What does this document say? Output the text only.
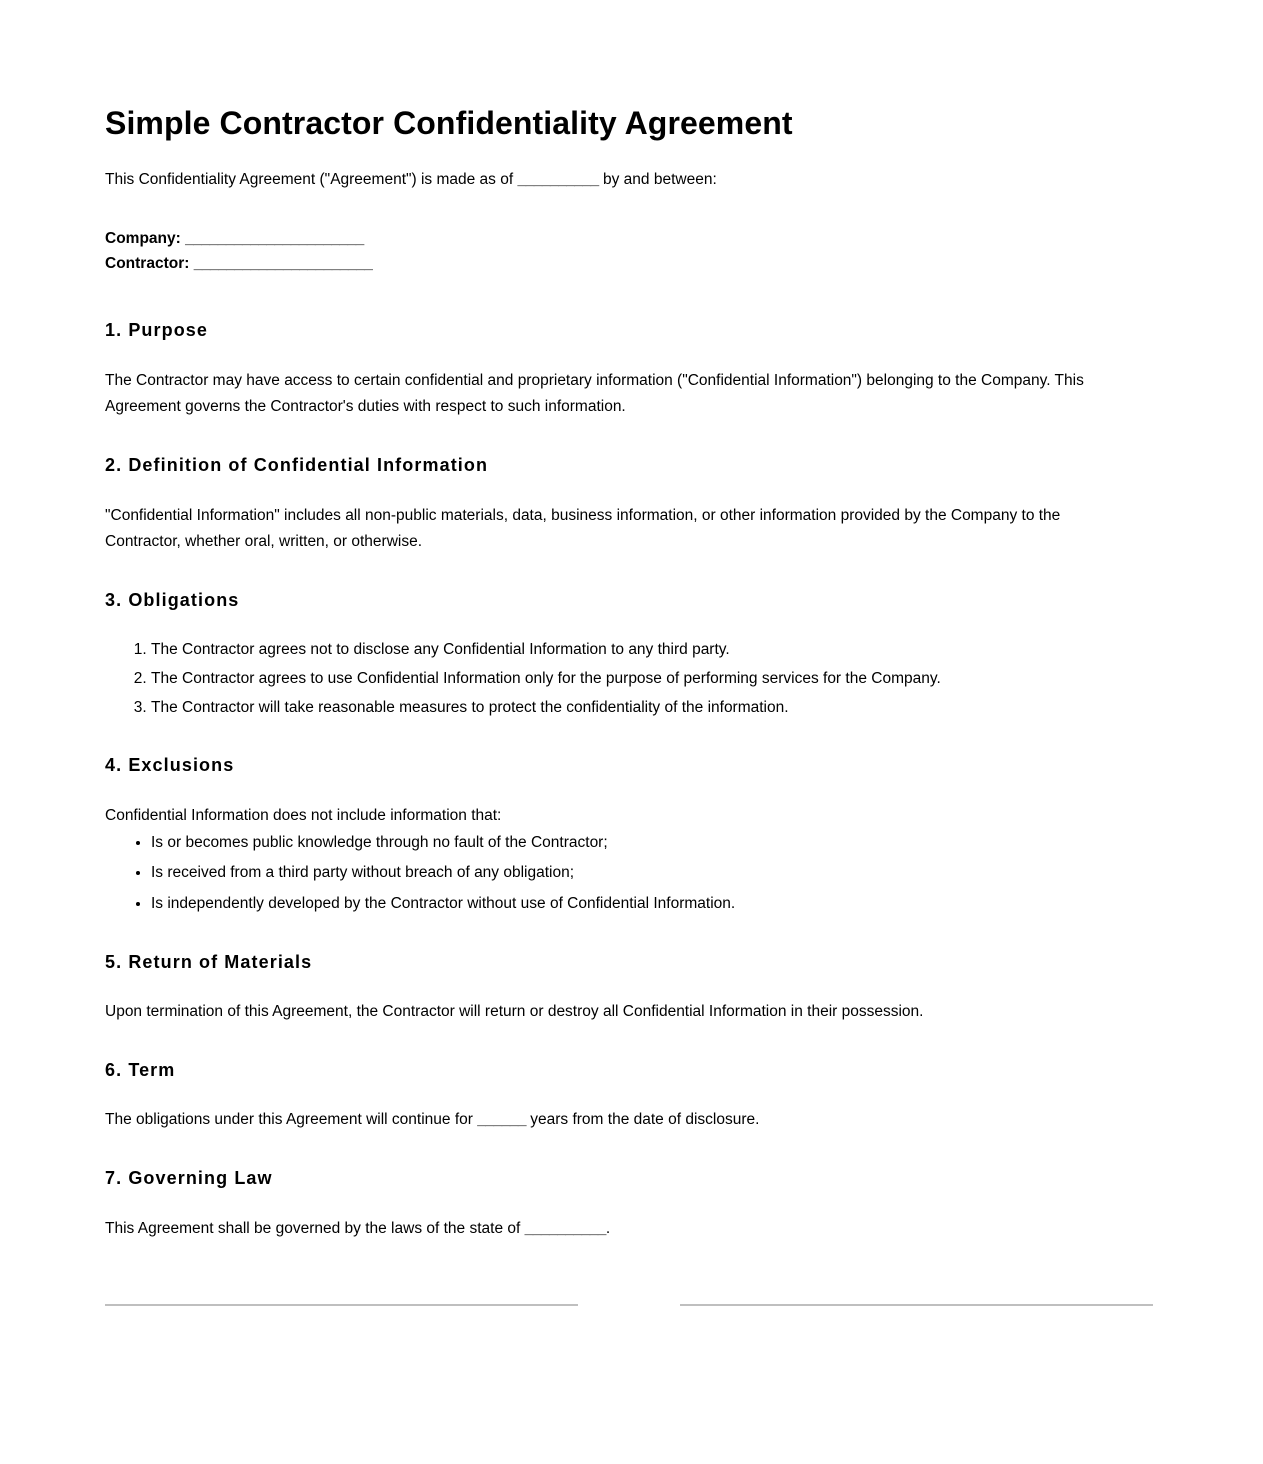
Simple Contractor Confidentiality Agreement

This Confidentiality Agreement ("Agreement") is made as of __________ by and between:

Company: ______________________
Contractor: ______________________
1. Purpose

The Contractor may have access to certain confidential and proprietary information ("Confidential Information") belonging to the Company. This Agreement governs the Contractor's duties with respect to such information.

2. Definition of Confidential Information

"Confidential Information" includes all non-public materials, data, business information, or other information provided by the Company to the Contractor, whether oral, written, or otherwise.

3. Obligations
1. The Contractor agrees not to disclose any Confidential Information to any third party.
2. The Contractor agrees to use Confidential Information only for the purpose of performing services for the Company.
3. The Contractor will take reasonable measures to protect the confidentiality of the information.
4. Exclusions

Confidential Information does not include information that:

• Is or becomes public knowledge through no fault of the Contractor;
• Is received from a third party without breach of any obligation;
• Is independently developed by the Contractor without use of Confidential Information.
5. Return of Materials

Upon termination of this Agreement, the Contractor will return or destroy all Confidential Information in their possession.

6. Term

The obligations under this Agreement will continue for ______ years from the date of disclosure.

7. Governing Law

This Agreement shall be governed by the laws of the state of __________.
